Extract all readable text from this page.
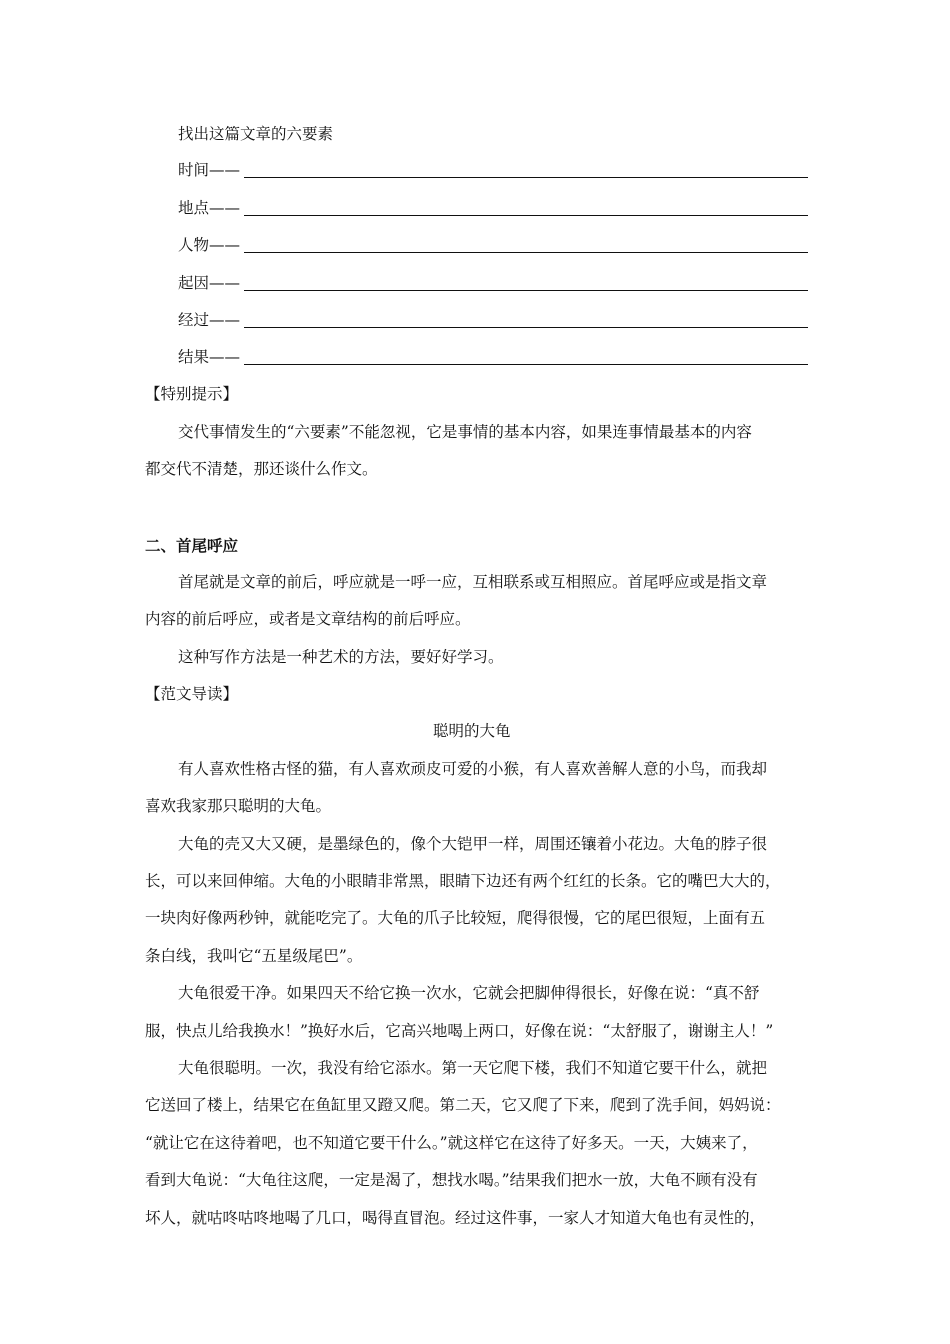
找出这篇文章的六要素
时间——
地点——
人物——
起因——
经过——
结果——
【特别提示】
交代事情发生的“六要素”不能忽视，它是事情的基本内容，如果连事情最基本的内容
都交代不清楚，那还谈什么作文。
二、首尾呼应
首尾就是文章的前后，呼应就是一呼一应，互相联系或互相照应。首尾呼应或是指文章
内容的前后呼应，或者是文章结构的前后呼应。
这种写作方法是一种艺术的方法，要好好学习。
【范文导读】
聪明的大龟
有人喜欢性格古怪的猫，有人喜欢顽皮可爱的小猴，有人喜欢善解人意的小鸟，而我却
喜欢我家那只聪明的大龟。
大龟的壳又大又硬，是墨绿色的，像个大铠甲一样，周围还镶着小花边。大龟的脖子很
长，可以来回伸缩。大龟的小眼睛非常黑，眼睛下边还有两个红红的长条。它的嘴巴大大的，
一块肉好像两秒钟，就能吃完了。大龟的爪子比较短，爬得很慢，它的尾巴很短，上面有五
条白线，我叫它“五星级尾巴”。
大龟很爱干净。如果四天不给它换一次水，它就会把脚伸得很长，好像在说：“真不舒
服，快点儿给我换水！”换好水后，它高兴地喝上两口，好像在说：“太舒服了，谢谢主人！”
大龟很聪明。一次，我没有给它添水。第一天它爬下楼，我们不知道它要干什么，就把
它送回了楼上，结果它在鱼缸里又蹬又爬。第二天，它又爬了下来，爬到了洗手间，妈妈说：
“就让它在这待着吧，也不知道它要干什么。”就这样它在这待了好多天。一天，大姨来了，
看到大龟说：“大龟往这爬，一定是渴了，想找水喝。”结果我们把水一放，大龟不顾有没有
坏人，就咕咚咕咚地喝了几口，喝得直冒泡。经过这件事，一家人才知道大龟也有灵性的，
